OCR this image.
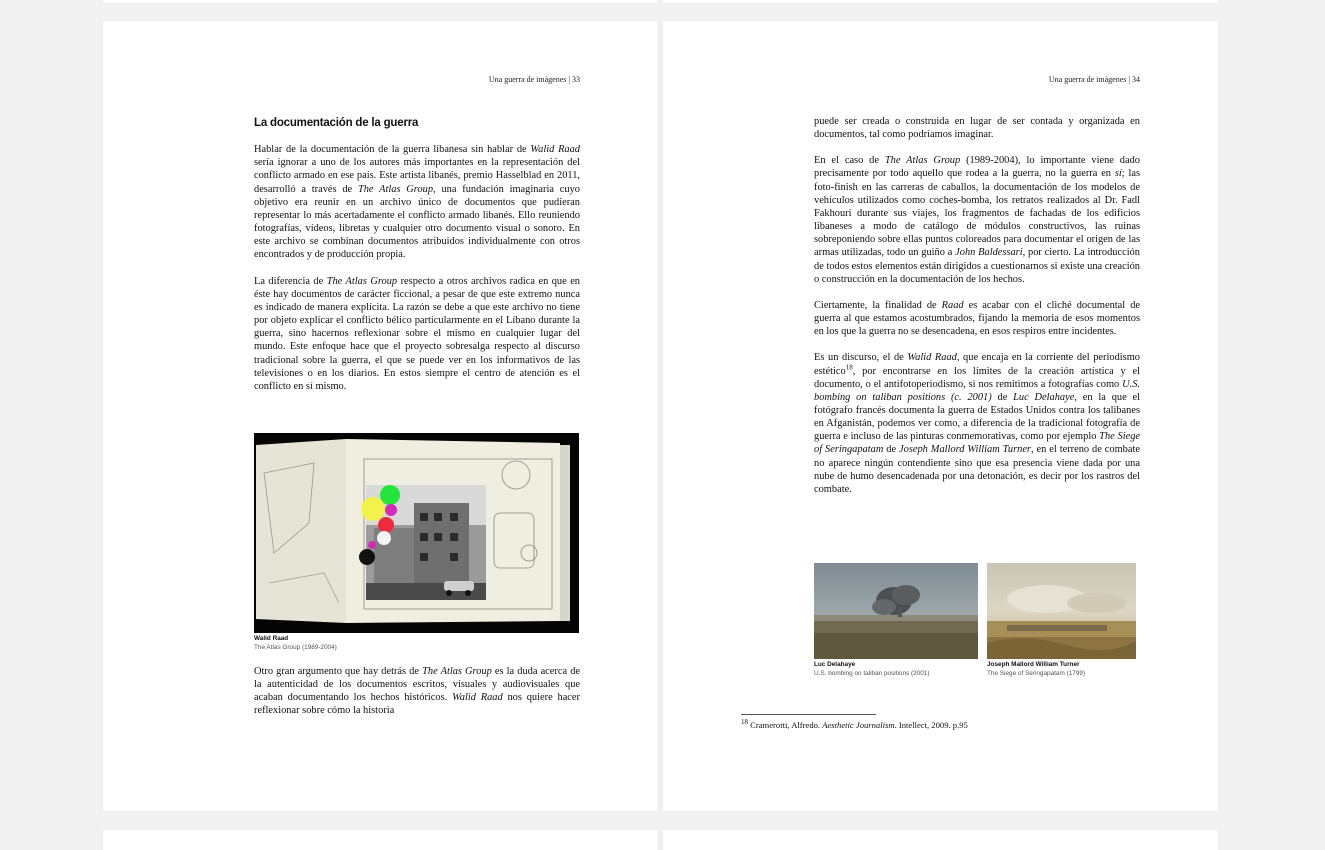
Una guerra de imágenes | 33
La documentación de la guerra

Hablar de la documentación de la guerra libanesa sin hablar de Walid Raad sería ignorar a uno de los autores más importantes en la representación del conflicto armado en ese país. Este artista libanés, premio Hasselblad en 2011, desarrolló a través de The Atlas Group, una fundación imaginaria cuyo objetivo era reunir en un archivo único de documentos que pudieran representar lo más acertadamente el conflicto armado libanés. Ello reuniendo fotografías, vídeos, libretas y cualquier otro documento visual o sonoro. En este archivo se combinan documentos atribuidos individualmente con otros encontrados y de producción propia.

La diferencia de The Atlas Group respecto a otros archivos radica en que en éste hay documentos de carácter ficcional, a pesar de que este extremo nunca es indicado de manera explícita. La razón se debe a que este archivo no tiene por objeto explicar el conflicto bélico particularmente en el Líbano durante la guerra, sino hacernos reflexionar sobre el mismo en cualquier lugar del mundo. Este enfoque hace que el proyecto sobresalga respecto al discurso tradicional sobre la guerra, el que se puede ver en los informativos de las televisiones o en los diarios. En estos siempre el centro de atención es el conflicto en sí mismo.

Walid Raad
The Atlas Group (1989-2004)

Otro gran argumento que hay detrás de The Atlas Group es la duda acerca de la autenticidad de los documentos escritos, visuales y audiovisuales que acaban documentando los hechos históricos. Walid Raad nos quiere hacer reflexionar sobre cómo la historia

Una guerra de imágenes | 34

puede ser creada o construida en lugar de ser contada y organizada en documentos, tal como podríamos imaginar.

En el caso de The Atlas Group (1989-2004), lo importante viene dado precisamente por todo aquello que rodea a la guerra, no la guerra en sí; las foto-finish en las carreras de caballos, la documentación de los modelos de vehículos utilizados como coches-bomba, los retratos realizados al Dr. Fadl Fakhouri durante sus viajes, los fragmentos de fachadas de los edificios libaneses a modo de catálogo de módulos constructivos, las ruinas sobreponiendo sobre ellas puntos coloreados para documentar el origen de las armas utilizadas, todo un guiño a John Baldessari, por cierto. La introducción de todos estos elementos están dirigidos a cuestionarnos si existe una creación o construcción en la documentación de los hechos.

Ciertamente, la finalidad de Raad es acabar con el cliché documental de guerra al que estamos acostumbrados, fijando la memoria de esos momentos en los que la guerra no se desencadena, en esos respiros entre incidentes.

Es un discurso, el de Walid Raad, que encaja en la corriente del periodismo estético$^{18}$, por encontrarse en los límites de la creación artística y el documento, o el antifotoperiodismo, si nos remitimos a fotografías como U.S. bombing on taliban positions (c. 2001) de Luc Delahaye, en la que el fotógrafo francés documenta la guerra de Estados Unidos contra los talibanes en Afganistán, podemos ver como, a diferencia de la tradicional fotografía de guerra e incluso de las pinturas conmemorativas, como por ejemplo The Siege of Seringapatam de Joseph Mallord William Turner, en el terreno de combate no aparece ningún contendiente sino que esa presencia viene dada por una nube de humo desencadenada por una detonación, es decir por los rastros del combate.

Luc Delahaye
U.S. bombing on taliban positions (2001)
Joseph Mallord William Turner
The Siege of Seringapatam (1799)
$^{18}$ Cramerotti, Alfredo. Aesthetic Journalism. Intellect, 2009. p.95
